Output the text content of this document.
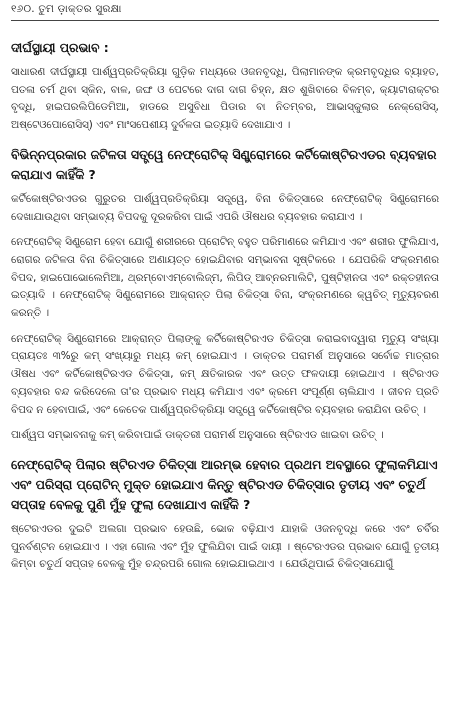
୧୬୦. ତୁମ ଡ଼ାକ୍ତର ସୁରକ୍ଷା
ଦୀର୍ଘସ୍ଥାୟୀ ପ୍ରଭାବ :

ସାଧାରଣ ଦୀର୍ଘସ୍ଥାୟୀ ପାର୍ଶ୍ୱପ୍ରତିକ୍ରିୟା ଗୁଡ଼ିକ ମଧ୍ୟରେ ଓଜନବୃଦ୍ଧି, ପିଲାମାନଙ୍କ କ୍ରମବୃଦ୍ଧିର ବ୍ୟାହତ, ପତଳା ଚର୍ମ ଥିବା ସ୍କିନ, ବାଳ, ଜଙ୍ଘ ଓ ପେଟରେ ଦାଗ ଦାଗ ଚିହ୍ନ, କ୍ଷତ ଶୁଖିବାରେ ବିଳମ୍ବ, କ୍ୟାଟାରାକ୍ଟର ବୃଦ୍ଧି, ହାଇପରଲିପିଡେମିଆ, ହାଡରେ ଅସୁବିଧା ପିଡାର ବା ନିତମ୍ବର, ଆଭାସ୍କୁଲାର ନେକ୍ରୋସିସ୍, ଅଷ୍ଟେଓପୋରୋସିସ୍) ଏବଂ ମାଂସପେଶୀୟ ଦୁର୍ବଳତା ଇତ୍ୟାଦି ଦେଖାଯାଏ ।

ବିଭିନ୍ନପ୍ରକାର ଜଟିଳତା ସତ୍ତ୍ୱେ ନେଫ୍ରୋଟିକ୍ ସିଣ୍ଡ୍ରୋମରେ କର୍ଟିକୋଷ୍ଟିରଏଡର ବ୍ୟବହାର କରାଯାଏ କାହିଁକି ?

କର୍ଟିକୋଷ୍ଟିରଏଡର ଗୁରୁତର ପାର୍ଶ୍ୱପ୍ରତିକ୍ରିୟା ସତ୍ତ୍ୱେ, ବିନା ଚିକିତ୍ସାରେ ନେଫ୍ରୋଟିକ୍ ସିଣ୍ଡ୍ରୋମରେ ଦେଖାଯାଉଥିବା ସମ୍ଭାବ୍ୟ ବିପଦକୁ ଦୂରକରିବା ପାଇଁ ଏପରି ଔଷଧର ବ୍ୟବହାର କରାଯାଏ ।

ନେଫ୍ରୋଟିକ୍ ସିଣ୍ଡ୍ରୋମ ହେବା ଯୋଗୁଁ ଶରୀରରେ ପ୍ରୋଟିନ୍ ବହୁତ ପରିମାଣରେ କମିଯାଏ ଏବଂ ଶରୀର ଫୁଲିଯାଏ, ରୋଗର ଜଟିଳତା ବିନା ଚିକିତ୍ସାରେ ଅଣାୟତ୍ତ ହୋଇଯିବାର ସମ୍ଭାବନା ସୃଷ୍ଟିକରେ । ଯେପରିକି ସଂକ୍ରମଣର ବିପଦ, ହାଇପୋଭୋଲେମିଆ, ଥ୍ରମ୍ବୋଏମ୍ବୋଲିଜ୍ମ, ଲିପିଡ୍ ଆବ୍ନରମାଲିଟି, ପୁଷ୍ଟିହୀନତା ଏବଂ ରକ୍ତହୀନତା ଇତ୍ୟାଦି । ନେଫ୍ରୋଟିକ୍ ସିଣ୍ଡ୍ରୋମରେ ଆକ୍ରାନ୍ତ ପିଲା ଚିକିତ୍ସା ବିନା, ସଂକ୍ରମଣରେ କ୍ୱଚିତ୍ ମୃତ୍ୟୁବରଣ କରନ୍ତି ।

ନେଫ୍ରୋଟିକ୍ ସିଣ୍ଡ୍ରୋମରେ ଆକ୍ରାନ୍ତ ପିଲାଙ୍କୁ କର୍ଟିକୋଷ୍ଟିରଏଡ ଚିକିତ୍ସା କରାଇବାଦ୍ୱାରା ମୃତ୍ୟୁ ସଂଖ୍ୟା ପ୍ରାୟତଃ ୩%ରୁ କମ୍ ସଂଖ୍ୟାରୁ ମଧ୍ୟ କମ୍ ହୋଇଯାଏ । ଡାକ୍ତର ପରାମର୍ଶ ଅନୁସାରେ ସର୍ବୋଚ୍ଚ ମାତ୍ରାର ଔଷଧ ଏବଂ କର୍ଟିକୋଷ୍ଟିରଏଡ ଚିକିତ୍ସା, କମ୍ କ୍ଷତିକାରକ ଏବଂ ଉତ୍ତ ଫଳଦାୟୀ ହୋଇଥାଏ । ଷ୍ଟିରଏଡ ବ୍ୟବହାର ବନ୍ଦ କରିଦେଲେ ତା'ର ପ୍ରଭାବ ମଧ୍ୟ କମିଯାଏ ଏବଂ କ୍ରମେ ସଂପୂର୍ଣ୍ଣ ଚାଲିଯାଏ । ଜୀବନ ପ୍ରତି ବିପଦ ନ ହେବାପାଇଁ, ଏବଂ କେତେକ ପାର୍ଶ୍ୱପ୍ରତିକ୍ରିୟା ସତ୍ତ୍ୱେ କର୍ଟିକୋଷ୍ଟିର ବ୍ୟବହାର କରାଯିବା ଉଚିତ୍ ।

ପାର୍ଶ୍ୱପ ସମ୍ଭାବନାକୁ କମ୍ କରିବାପାଇଁ ଡାକ୍ତରୀ ପରାମର୍ଶ ଅନୁସାରେ ଷ୍ଟିରଏଡ ଖାଇବା ଉଚିତ୍ ।

ନେଫ୍ରୋଟିକ୍ ପିଲାର ଷ୍ଟିରଏଡ ଚିକିତ୍ସା ଆରମ୍ଭ ହେବାର ପ୍ରଥମ ଅବସ୍ଥାରେ ଫୁଲାକମିଯାଏ ଏବଂ ପରିସ୍ରା ପ୍ରୋଟିନ୍ ମୁକ୍ତ ହୋଇଯାଏ କିନ୍ତୁ ଷ୍ଟିରଏଡ ଚିକିତ୍ସାର ତୃତୀୟ ଏବଂ ଚତୁର୍ଥ ସପ୍ତାହ ବେଳକୁ ପୁଣି ମୁଁହ ଫୁଲା ଦେଖାଯାଏ କାହିଁକି ?

ଷ୍ଟେରଏଡର ଦୁଇଟି ଅଲଗା ପ୍ରଭାବ ହେଉଛି, ଭୋକ ବଢ଼ିଯାଏ ଯାହାକି ଓଜନବୃଦ୍ଧି କରେ ଏବଂ ଚର୍ବିର ପୁନର୍ବଣ୍ଟନ ହୋଇଯାଏ । ଏହା ଗୋଲ ଏବଂ ମୁଁହ ଫୁଲିଯିବା ପାଇଁ ଦାୟୀ । ଷ୍ଟେରଏଡର ପ୍ରଭାବ ଯୋଗୁଁ ତୃତୀୟ କିମ୍ବା ଚତୁର୍ଥ ସପ୍ତାହ ବେଳକୁ ମୁଁହ ଚନ୍ଦ୍ରପରି ଗୋଲ ହୋଇଯାଇଥାଏ । ଯେଉଁଥିପାଇଁ ଚିକିତ୍ସାଯୋଗୁଁ
